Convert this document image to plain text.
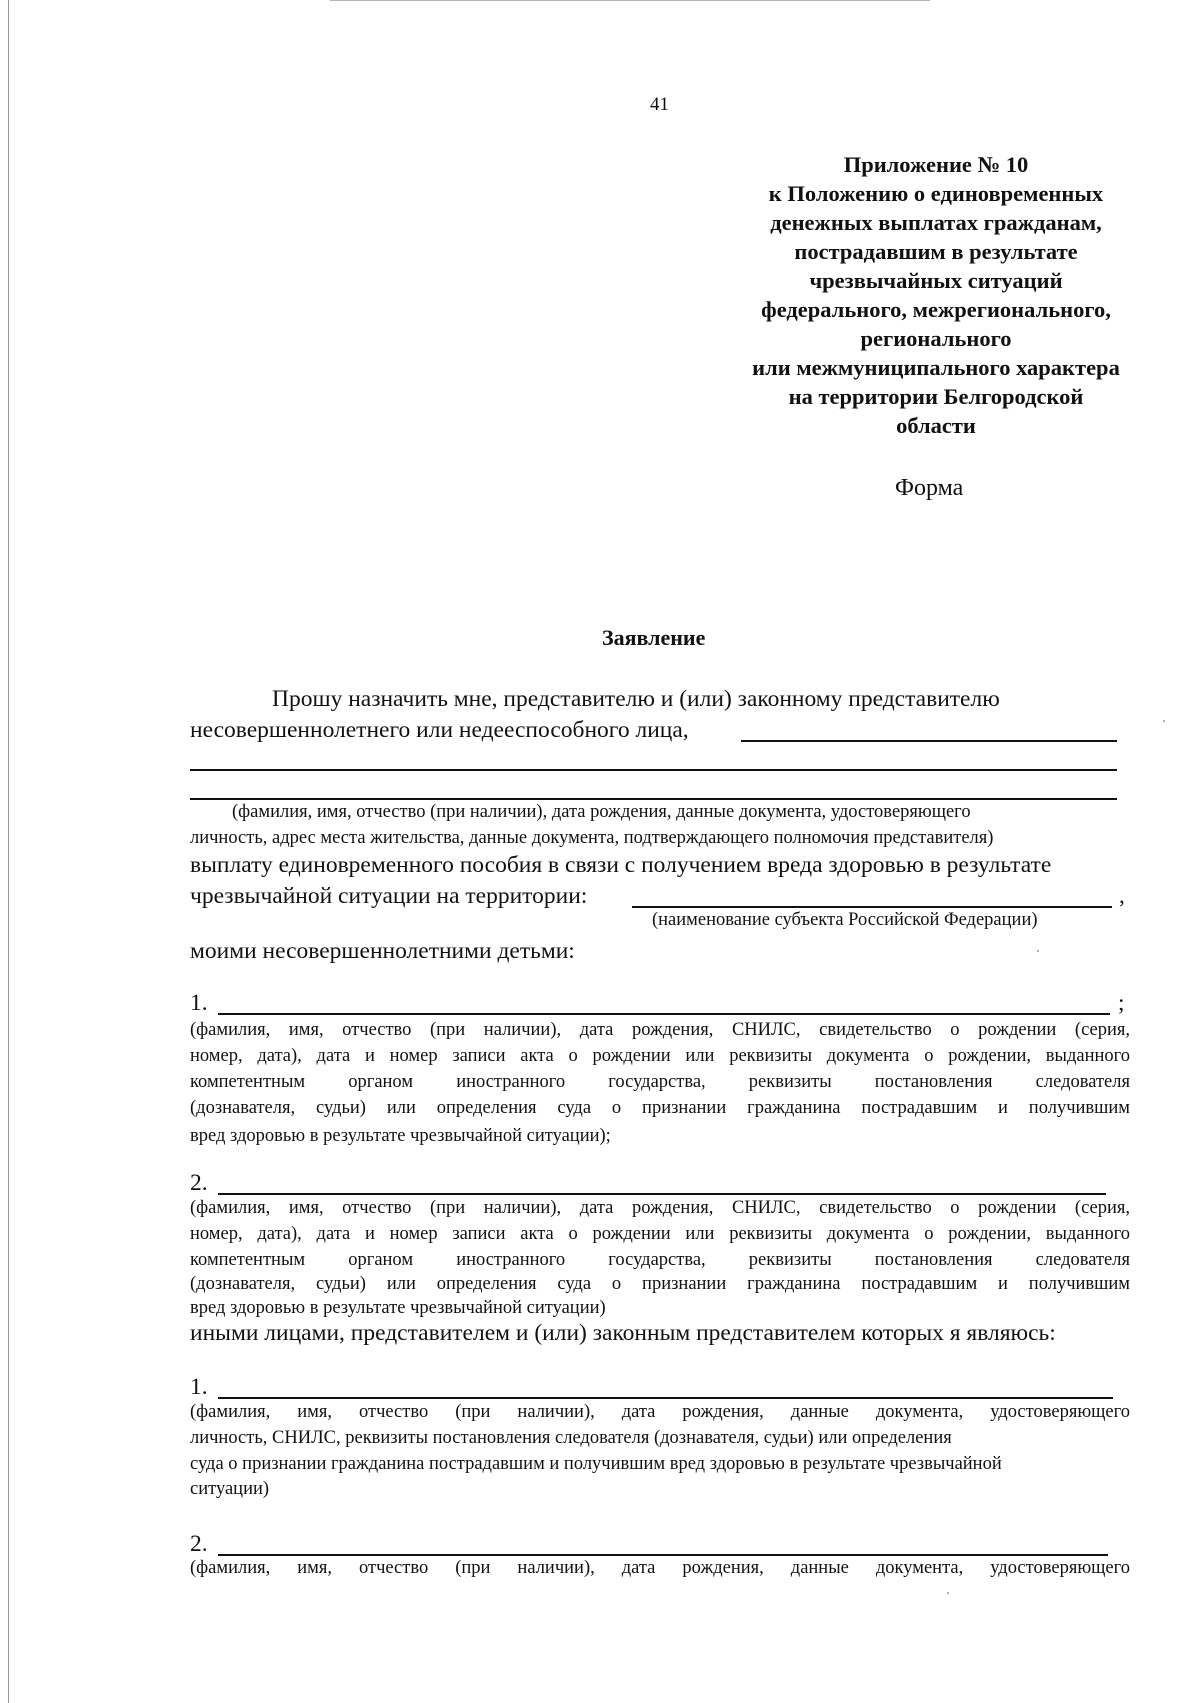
41
Приложение № 10
к Положению о единовременных
денежных выплатах гражданам,
пострадавшим в результате
чрезвычайных ситуаций
федерального, межрегионального,
регионального
или межмуниципального характера
на территории Белгородской
области
Форма
Заявление
Прошу назначить мне, представителю и (или) законному представителю
несовершеннолетнего или недееспособного лица,
(фамилия, имя, отчество (при наличии), дата рождения, данные документа, удостоверяющего
личность, адрес места жительства, данные документа, подтверждающего полномочия представителя)
выплату единовременного пособия в связи с получением вреда здоровью в результате
чрезвычайной ситуации на территории:	,
(наименование субъекта Российской Федерации)
моими несовершеннолетними детьми:
1.	;
(фамилия, имя, отчество (при наличии), дата рождения, СНИЛС, свидетельство о рождении (серия,
номер, дата), дата и номер записи акта о рождении или реквизиты документа о рождении, выданного
компетентным органом иностранного государства, реквизиты постановления следователя
(дознавателя, судьи) или определения суда о признании гражданина пострадавшим и получившим
вред здоровью в результате чрезвычайной ситуации);
2.
(фамилия, имя, отчество (при наличии), дата рождения, СНИЛС, свидетельство о рождении (серия,
номер, дата), дата и номер записи акта о рождении или реквизиты документа о рождении, выданного
компетентным органом иностранного государства, реквизиты постановления следователя
(дознавателя, судьи) или определения суда о признании гражданина пострадавшим и получившим
вред здоровью в результате чрезвычайной ситуации)
иными лицами, представителем и (или) законным представителем которых я являюсь:
1.
(фамилия, имя, отчество (при наличии), дата рождения, данные документа, удостоверяющего
личность, СНИЛС, реквизиты постановления следователя (дознавателя, судьи) или определения
суда о признании гражданина пострадавшим и получившим вред здоровью в результате чрезвычайной
ситуации)
2.
(фамилия, имя, отчество (при наличии), дата рождения, данные документа, удостоверяющего
